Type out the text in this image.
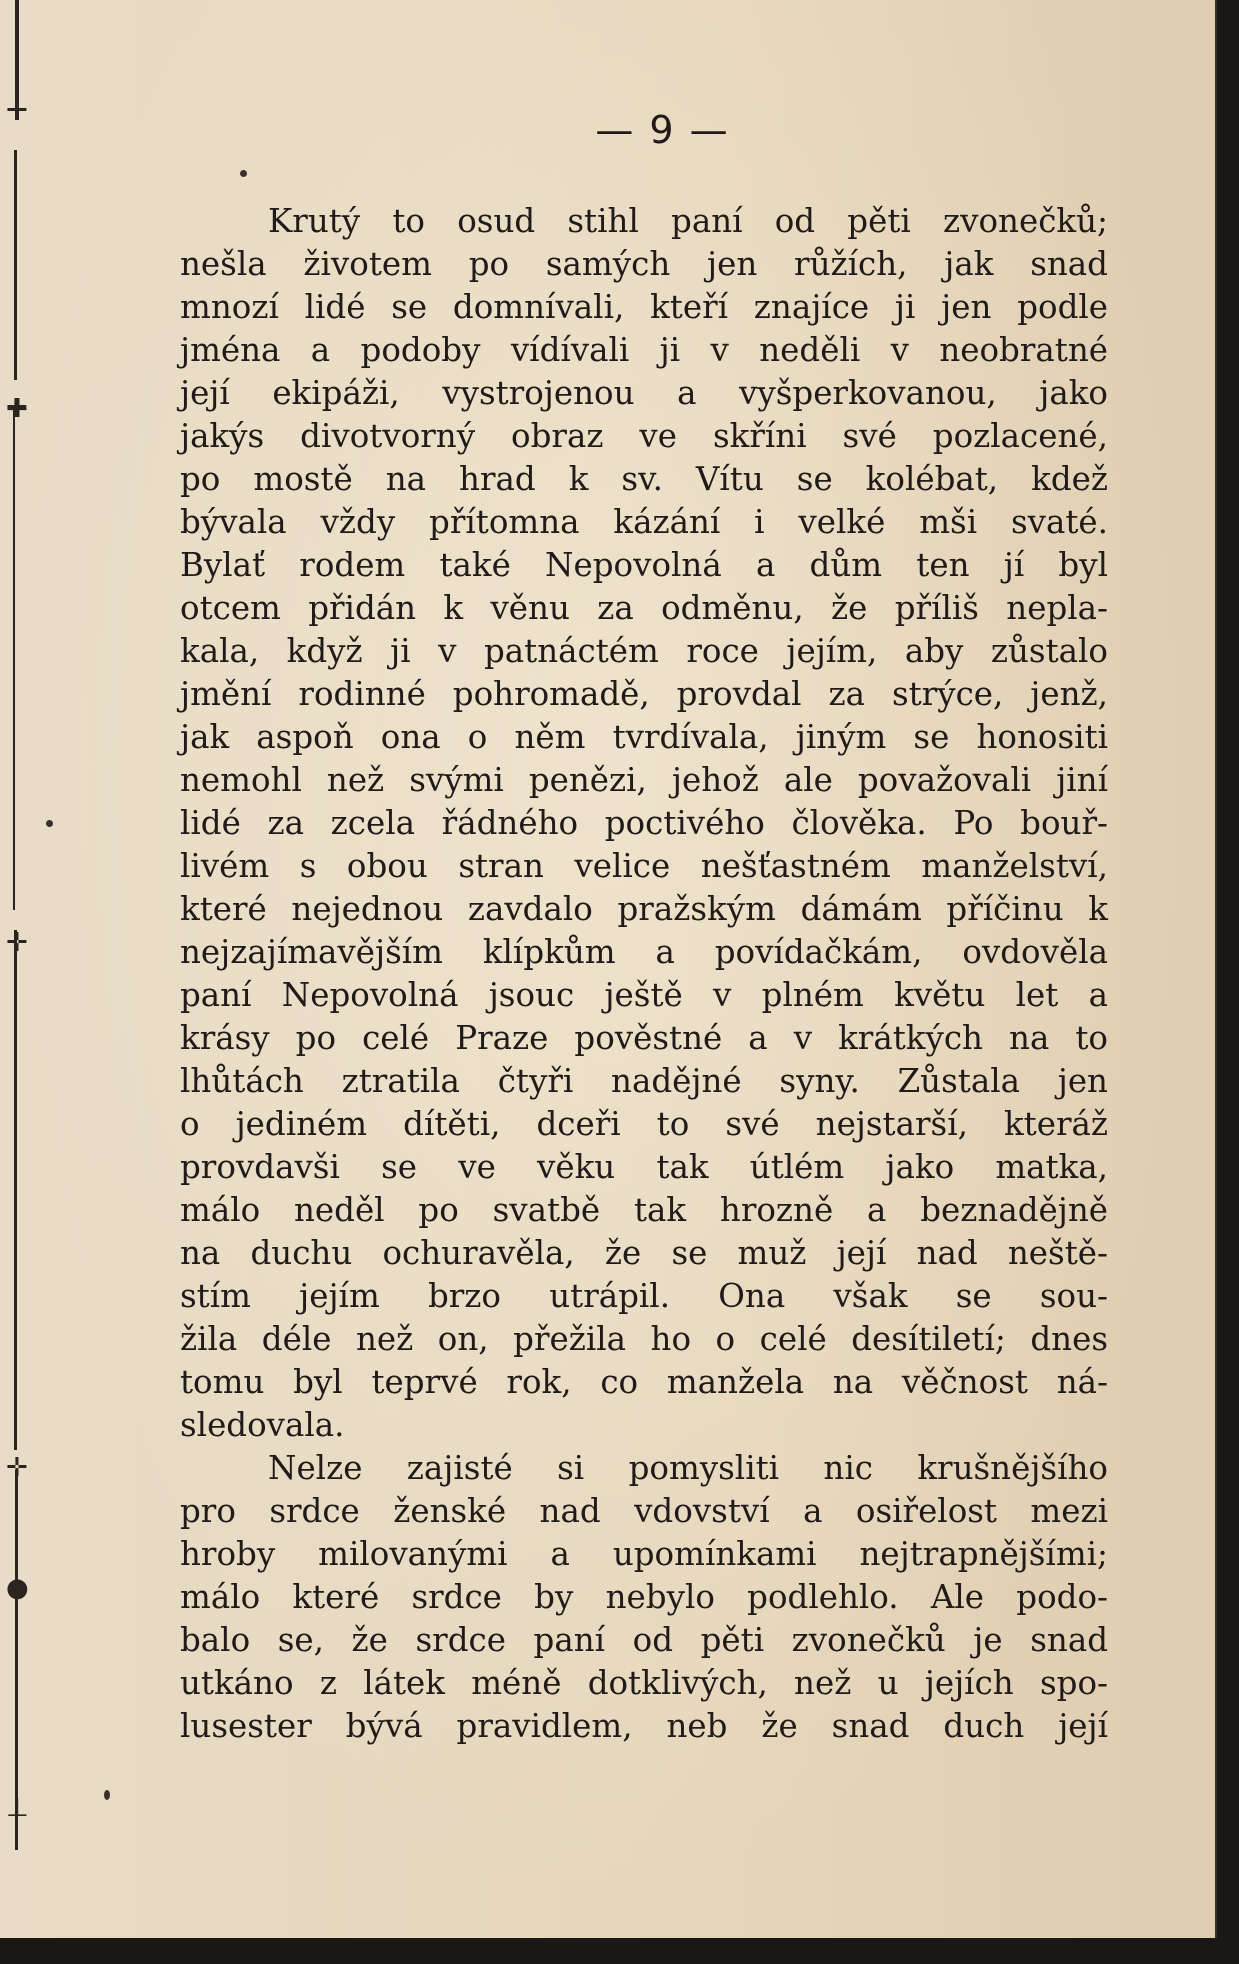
✛
✚
✛
✛
●
⊥
— 9 —

Krutý to osud stihl paní od pěti zvonečků;
nešla životem po samých jen růžích, jak snad
mnozí lidé se domnívali, kteří znajíce ji jen podle
jména a podoby vídívali ji v neděli v neobratné
její ekipáži, vystrojenou a vyšperkovanou, jako
jakýs divotvorný obraz ve skříni své pozlacené,
po mostě na hrad k sv. Vítu se kolébat, kdež
bývala vždy přítomna kázání i velké mši svaté.
Bylať rodem také Nepovolná a dům ten jí byl
otcem přidán k věnu za odměnu, že příliš nepla-
kala, když ji v patnáctém roce jejím, aby zůstalo
jmění rodinné pohromadě, provdal za strýce, jenž,
jak aspoň ona o něm tvrdívala, jiným se honositi
nemohl než svými penězi, jehož ale považovali jiní
lidé za zcela řádného poctivého člověka. Po bouř-
livém s obou stran velice nešťastném manželství,
které nejednou zavdalo pražským dámám příčinu k
nejzajímavějším klípkům a povídačkám, ovdověla
paní Nepovolná jsouc ještě v plném květu let a
krásy po celé Praze pověstné a v krátkých na to
lhůtách ztratila čtyři nadějné syny. Zůstala jen
o jediném dítěti, dceři to své nejstarší, kteráž
provdavši se ve věku tak útlém jako matka,
málo neděl po svatbě tak hrozně a beznadějně
na duchu ochuravěla, že se muž její nad neště-
stím jejím brzo utrápil. Ona však se sou-
žila déle než on, přežila ho o celé desítiletí; dnes
tomu byl teprvé rok, co manžela na věčnost ná-
sledovala.

Nelze zajisté si pomysliti nic krušnějšího
pro srdce ženské nad vdovství a osiřelost mezi
hroby milovanými a upomínkami nejtrapnějšími;
málo které srdce by nebylo podlehlo. Ale podo-
balo se, že srdce paní od pěti zvonečků je snad
utkáno z látek méně dotklivých, než u jejích spo-
lusester bývá pravidlem, neb že snad duch její
